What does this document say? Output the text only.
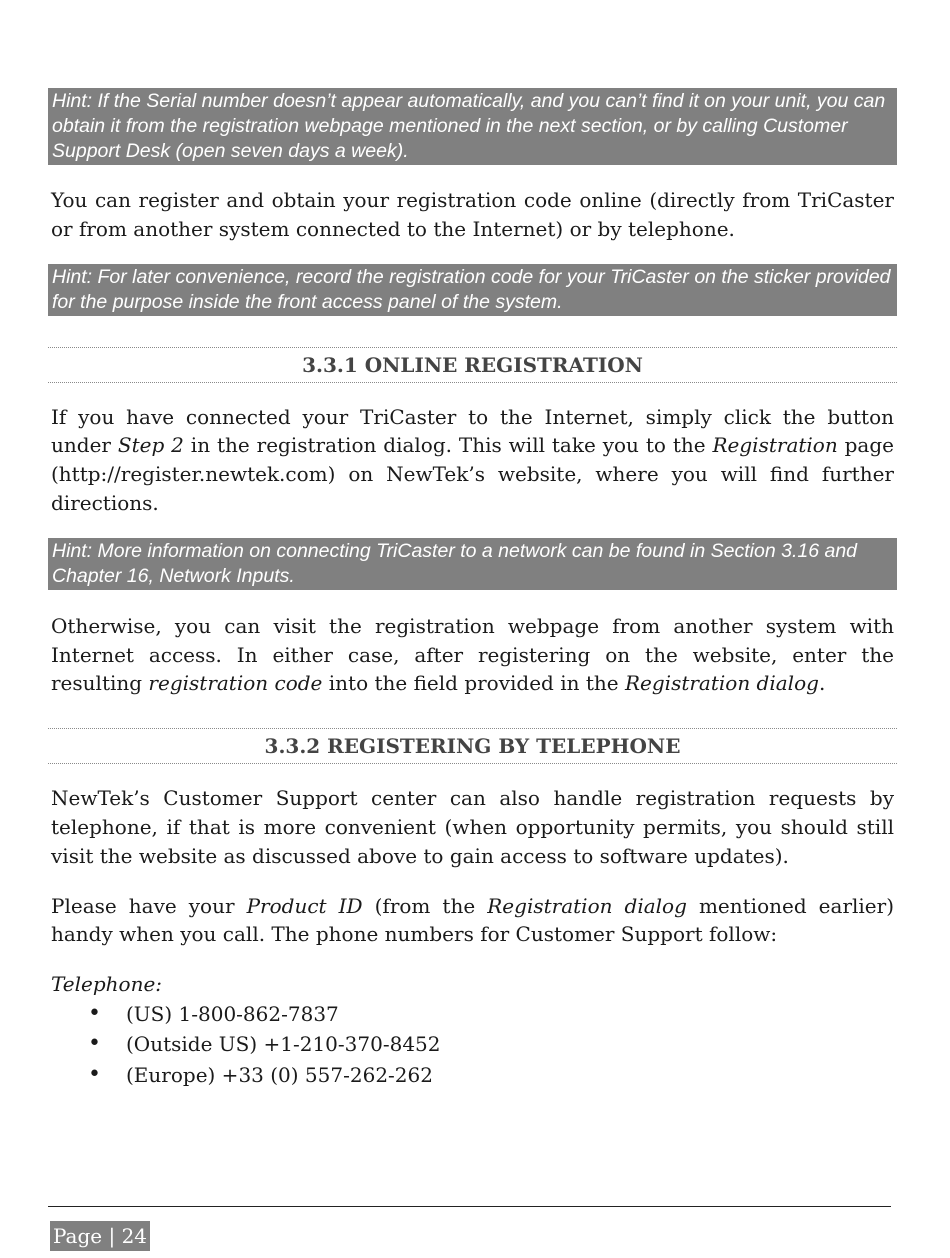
Hint: If the Serial number doesn’t appear automatically, and you can’t find it on your unit, you can obtain it from the registration webpage mentioned in the next section, or by calling Customer Support Desk (open seven days a week).

You can register and obtain your registration code online (directly from TriCaster or from another system connected to the Internet) or by telephone.

Hint: For later convenience, record the registration code for your TriCaster on the sticker provided for the purpose inside the front access panel of the system.

3.3.1 ONLINE REGISTRATION

If you have connected your TriCaster to the Internet, simply click the button under Step 2 in the registration dialog. This will take you to the Registration page (http://register.newtek.com) on NewTek’s website, where you will find further directions.

Hint: More information on connecting TriCaster to a network can be found in Section 3.16 and Chapter 16, Network Inputs.

Otherwise, you can visit the registration webpage from another system with Internet access. In either case, after registering on the website, enter the resulting registration code into the field provided in the Registration dialog.

3.3.2 REGISTERING BY TELEPHONE

NewTek’s Customer Support center can also handle registration requests by telephone, if that is more convenient (when opportunity permits, you should still visit the website as discussed above to gain access to software updates).

Please have your Product ID (from the Registration dialog mentioned earlier) handy when you call. The phone numbers for Customer Support follow:

Telephone:

•	(US) 1-800-862-7837
•	(Outside US) +1-210-370-8452
•	(Europe) +33 (0) 557-262-262
Page | 24
